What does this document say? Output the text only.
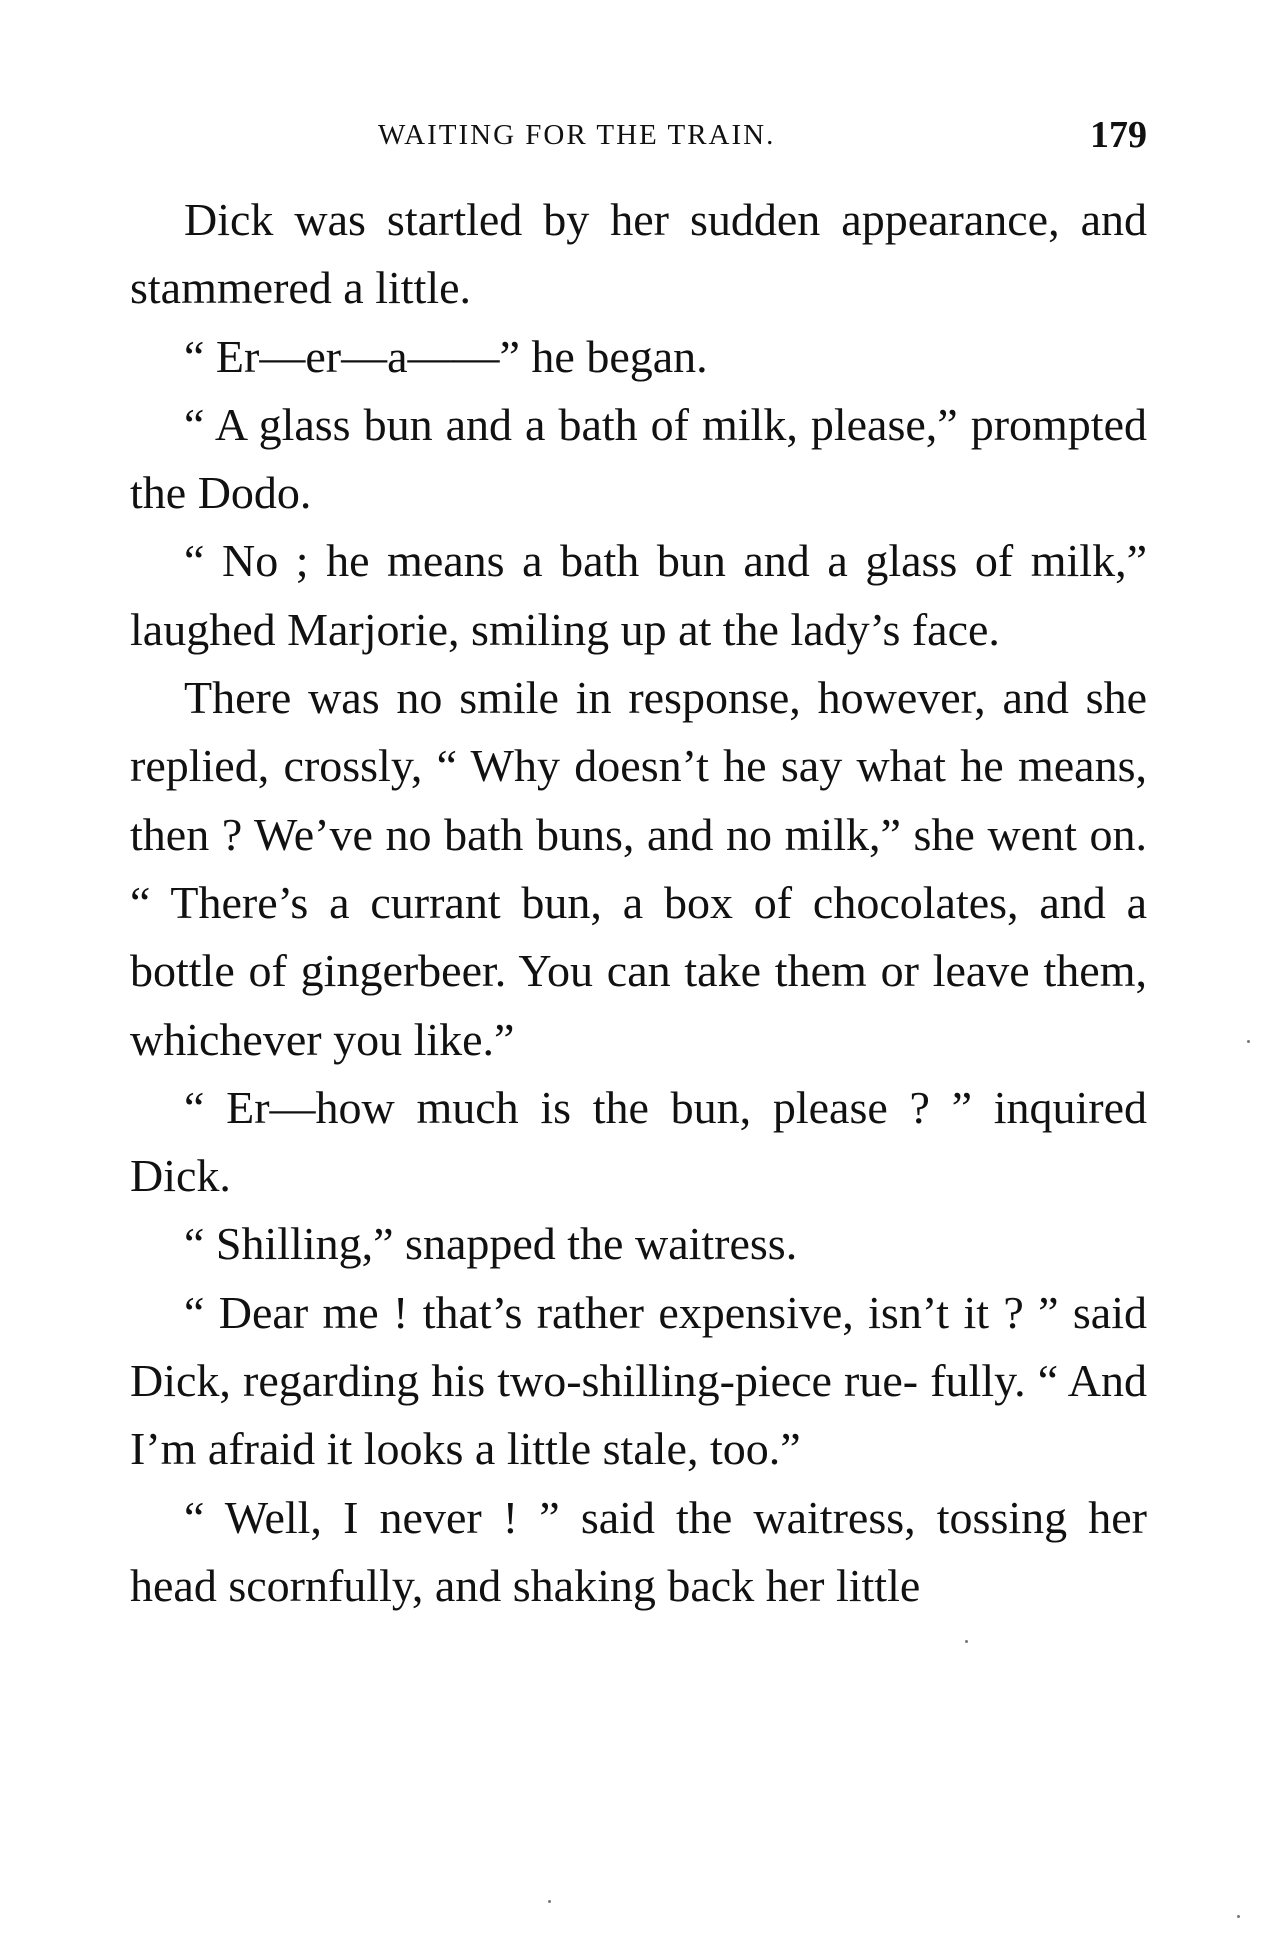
WAITING FOR THE TRAIN.	179

Dick was startled by her sudden appearance, and stammered a little.

“ Er—er—a——” he began.

“ A glass bun and a bath of milk, please,” prompted the Dodo.

“ No ; he means a bath bun and a glass of milk,” laughed Marjorie, smiling up at the lady’s face.

There was no smile in response, however, and she replied, crossly, “ Why doesn’t he say what he means, then ? We’ve no bath buns, and no milk,” she went on. “ There’s a currant bun, a box of chocolates, and a bottle of gingerbeer. You can take them or leave them, whichever you like.”

“ Er—how much is the bun, please ? ” inquired Dick.

“ Shilling,” snapped the waitress.

“ Dear me ! that’s rather expensive, isn’t it ? ” said Dick, regarding his two-shilling-piece rue- fully. “ And I’m afraid it looks a little stale, too.”

“ Well, I never ! ” said the waitress, tossing her head scornfully, and shaking back her little
